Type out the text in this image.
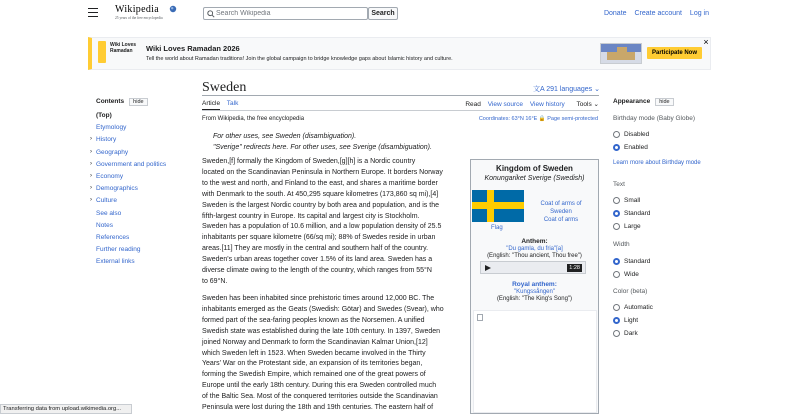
Wikipedia
25 years of the free encyclopedia
Search Wikipedia
Search	Donate Create account Log in
Wiki Loves Ramadan	Wiki Loves Ramadan 2026
Tell the world about Ramadan traditions! Join the global campaign to bridge knowledge gaps about Islamic history and culture.
Participate Now
×
Sweden	文A 291 languages ⌄
Article Talk	Read View source View history Tools ⌄
From Wikipedia, the free encyclopedia	Coordinates: 63°N 16°E 🔒 Page semi-protected
Contents hide
(Top)
Etymology
› History
› Geography
› Government and politics
› Economy
› Demographics
› Culture
See also
Notes
References
Further reading
External links
For other uses, see Sweden (disambiguation).
"Sverige" redirects here. For other uses, see Sverige (disambiguation).
Sweden,[f] formally the Kingdom of Sweden,[g][h] is a Nordic country
located on the Scandinavian Peninsula in Northern Europe. It borders Norway
to the west and north, and Finland to the east, and shares a maritime border
with Denmark to the south. At 450,295 square kilometres (173,860 sq mi),[4]
Sweden is the largest Nordic country by both area and population, and is the
fifth-largest country in Europe. Its capital and largest city is Stockholm.
Sweden has a population of 10.6 million, and a low population density of 25.5
inhabitants per square kilometre (66/sq mi); 88% of Swedes reside in urban
areas.[11] They are mostly in the central and southern half of the country.
Sweden's urban areas together cover 1.5% of its land area. Sweden has a
diverse climate owing to the length of the country, which ranges from 55°N
to 69°N.
Sweden has been inhabited since prehistoric times around 12,000 BC. The
inhabitants emerged as the Geats (Swedish: Götar) and Swedes (Svear), who
formed part of the sea-faring peoples known as the Norsemen. A unified
Swedish state was established during the late 10th century. In 1397, Sweden
joined Norway and Denmark to form the Scandinavian Kalmar Union,[12]
which Sweden left in 1523. When Sweden became involved in the Thirty
Years' War on the Protestant side, an expansion of its territories began,
forming the Swedish Empire, which remained one of the great powers of
Europe until the early 18th century. During this era Sweden controlled much
of the Baltic Sea. Most of the conquered territories outside the Scandinavian
Peninsula were lost during the 18th and 19th centuries. The eastern half of
Kingdom of Sweden
Konungariket Sverige (Swedish)
Flag
Coat of arms of Sweden
Coat of arms
Anthem:
"Du gamla, du fria"[a]
(English: "Thou ancient, Thou free")
1:28
Royal anthem:
"Kungssången"
(English: "The King's Song")
Appearance hide
Birthday mode (Baby Globe)
Disabled
Enabled
Learn more about Birthday mode
Text
Small
Standard
Large
Width
Standard
Wide
Color (beta)
Automatic
Light
Dark
Transferring data from upload.wikimedia.org...
